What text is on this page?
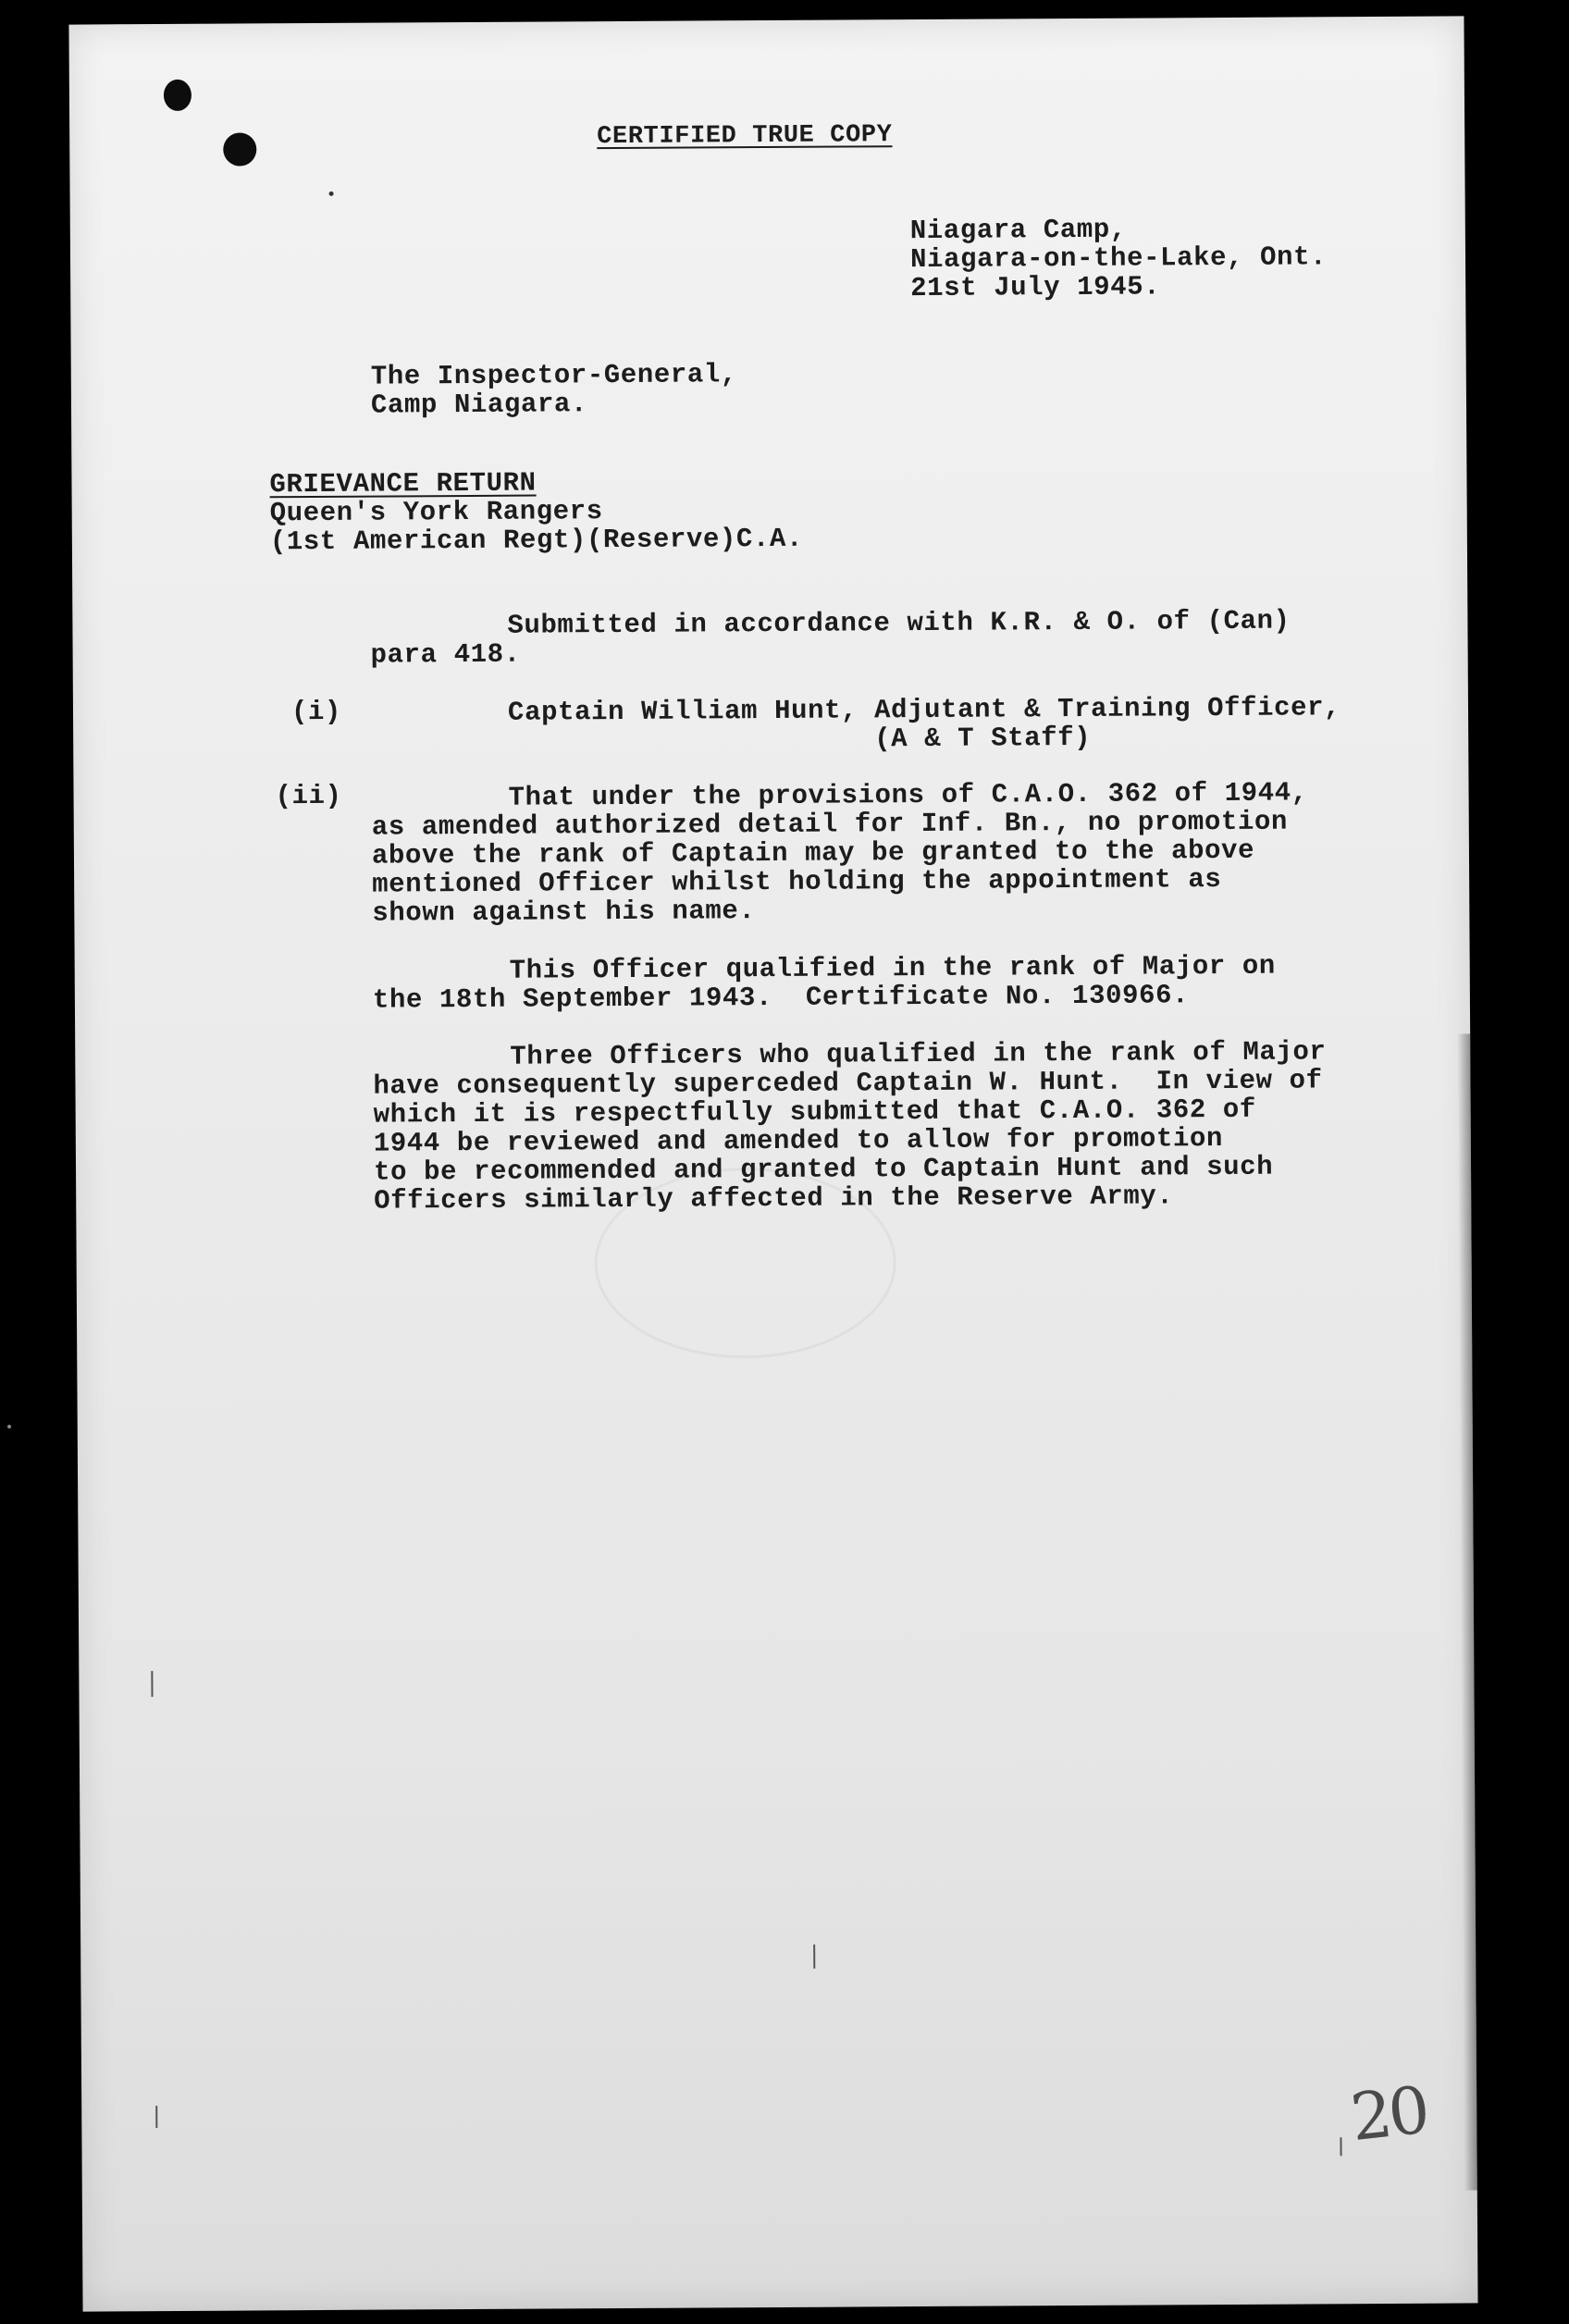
CERTIFIED TRUE COPY
Niagara Camp,
Niagara-on-the-Lake, Ont.
21st July 1945.
The Inspector-General,
Camp Niagara.
GRIEVANCE RETURN
Queen's York Rangers
(1st American Regt)(Reserve)C.A.
Submitted in accordance with K.R. & O. of (Can)
para 418.
(i)	Captain William Hunt, Adjutant & Training Officer,
(A & T Staff)
(ii)	That under the provisions of C.A.O. 362 of 1944,
as amended authorized detail for Inf. Bn., no promotion
above the rank of Captain may be granted to the above
mentioned Officer whilst holding the appointment as
shown against his name.
This Officer qualified in the rank of Major on
the 18th September 1943.  Certificate No. 130966.
Three Officers who qualified in the rank of Major
have consequently superceded Captain W. Hunt.  In view of
which it is respectfully submitted that C.A.O. 362 of
1944 be reviewed and amended to allow for promotion
to be recommended and granted to Captain Hunt and such
Officers similarly affected in the Reserve Army.
20
